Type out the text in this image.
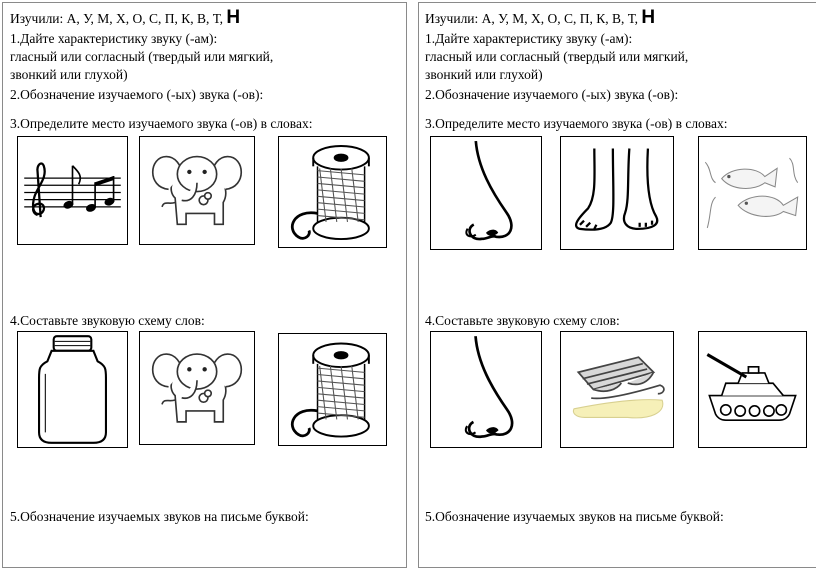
Изучили: А, У, М, Х, О, С, П, К, В, Т, Н
1.Дайте характеристику звуку (-ам):
гласный или согласный (твердый или мягкий,
звонкий или глухой)
2.Обозначение изучаемого (-ых) звука (-ов):
3.Определите место изучаемого звука (-ов) в словах:
4.Составьте звуковую схему слов:
5.Обозначение изучаемых звуков на письме буквой:
Изучили: А, У, М, Х, О, С, П, К, В, Т, Н
1.Дайте характеристику звуку (-ам):
гласный или согласный (твердый или мягкий,
звонкий или глухой)
2.Обозначение изучаемого (-ых) звука (-ов):
3.Определите место изучаемого звука (-ов) в словах:
4.Составьте звуковую схему слов:
5.Обозначение изучаемых звуков на письме буквой:
